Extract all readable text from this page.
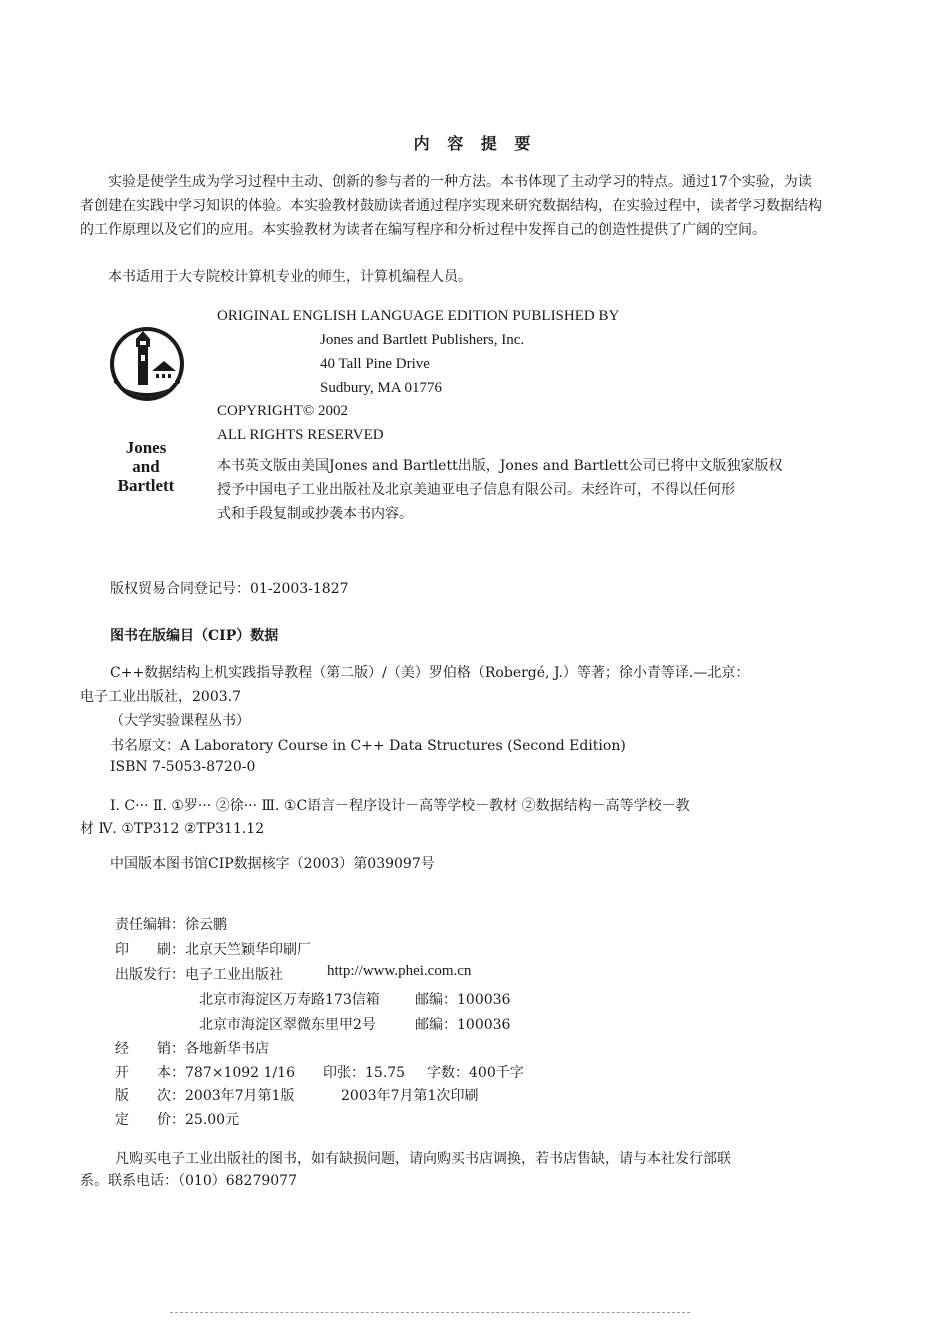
内 容 提 要
实验是使学生成为学习过程中主动、创新的参与者的一种方法。本书体现了主动学习的特点。通过17个实验，为读者创建在实践中学习知识的体验。本实验教材鼓励读者通过程序实现来研究数据结构，在实验过程中，读者学习数据结构的工作原理以及它们的应用。本实验教材为读者在编写程序和分析过程中发挥自己的创造性提供了广阔的空间。
本书适用于大专院校计算机专业的师生，计算机编程人员。
Jones
and
Bartlett
ORIGINAL ENGLISH LANGUAGE EDITION PUBLISHED BY
Jones and Bartlett Publishers, Inc.
40 Tall Pine Drive
Sudbury, MA 01776
COPYRIGHT© 2002
ALL RIGHTS RESERVED
本书英文版由美国Jones and Bartlett出版，Jones and Bartlett公司已将中文版独家版权
授予中国电子工业出版社及北京美迪亚电子信息有限公司。未经许可，不得以任何形
式和手段复制或抄袭本书内容。
版权贸易合同登记号：01-2003-1827
图书在版编目（CIP）数据
C++数据结构上机实践指导教程（第二版）/（美）罗伯格（Robergé, J.）等著；徐小青等译.—北京：
电子工业出版社，2003.7
（大学实验课程丛书）
书名原文：A Laboratory Course in C++ Data Structures (Second Edition)
ISBN 7-5053-8720-0
Ⅰ. C··· Ⅱ. ①罗··· ②徐··· Ⅲ. ①C语言－程序设计－高等学校－教材 ②数据结构－高等学校－教
材 Ⅳ. ①TP312 ②TP311.12
中国版本图书馆CIP数据核字（2003）第039097号
责任编辑：徐云鹏
印　　刷：北京天竺颖华印刷厂
出版发行：电子工业出版社	http://www.phei.com.cn
北京市海淀区万寿路173信箱	邮编：100036
北京市海淀区翠微东里甲2号	邮编：100036
经　　销：各地新华书店
开　　本：787×1092 1/16 印张：15.75 字数：400千字
版　　次：2003年7月第1版	2003年7月第1次印刷
定　　价：25.00元
凡购买电子工业出版社的图书，如有缺损问题，请向购买书店调换，若书店售缺，请与本社发行部联
系。联系电话：（010）68279077
